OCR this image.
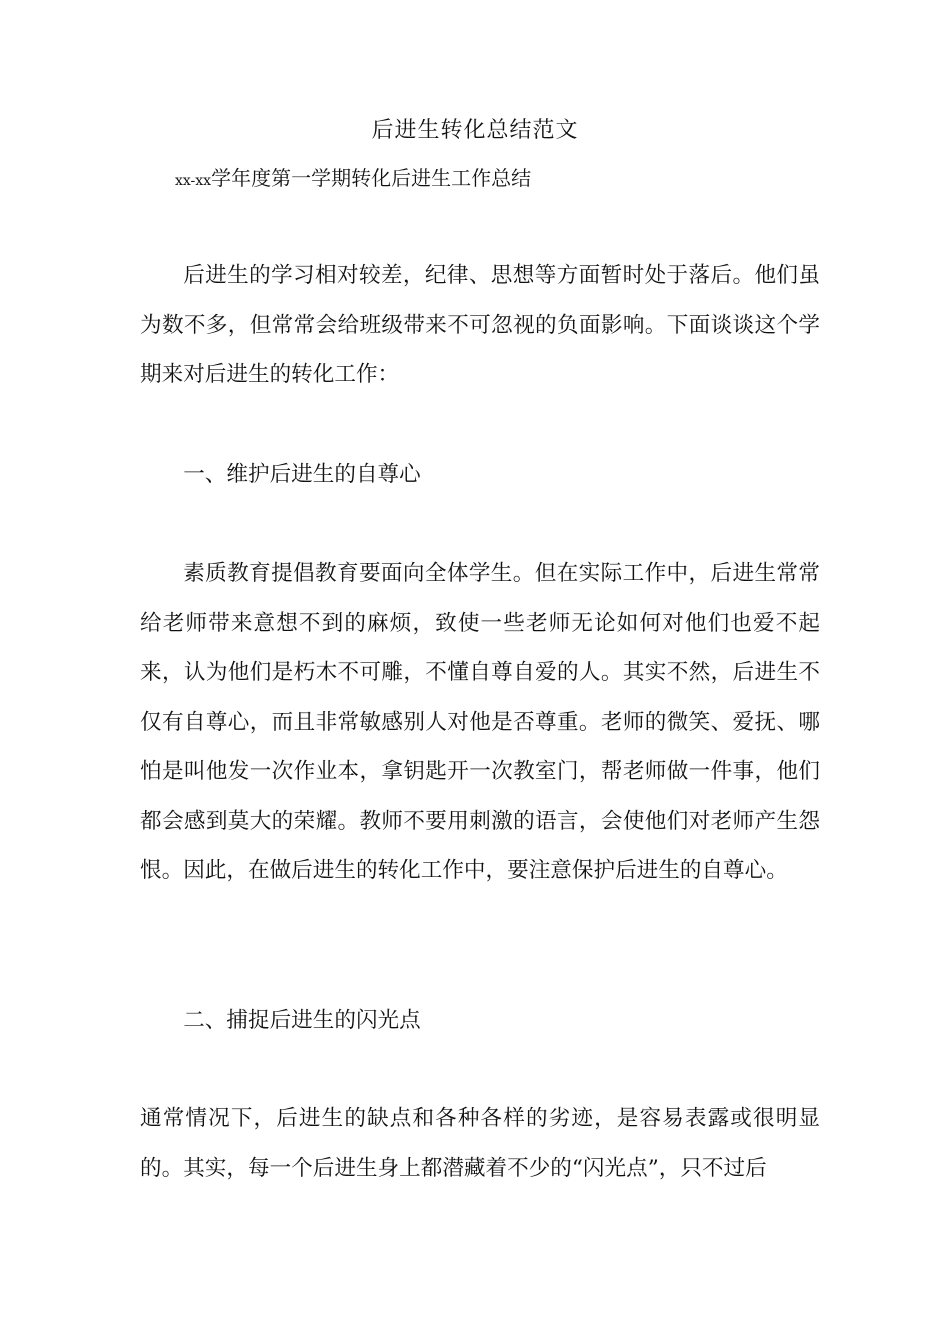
后进生转化总结范文

xx-xx学年度第一学期转化后进生工作总结

后进生的学习相对较差，纪律、思想等方面暂时处于落后。他们虽为数不多，但常常会给班级带来不可忽视的负面影响。下面谈谈这个学期来对后进生的转化工作：

一、维护后进生的自尊心

素质教育提倡教育要面向全体学生。但在实际工作中，后进生常常给老师带来意想不到的麻烦，致使一些老师无论如何对他们也爱不起来，认为他们是朽木不可雕，不懂自尊自爱的人。其实不然，后进生不仅有自尊心，而且非常敏感别人对他是否尊重。老师的微笑、爱抚、哪怕是叫他发一次作业本，拿钥匙开一次教室门，帮老师做一件事，他们都会感到莫大的荣耀。教师不要用刺激的语言，会使他们对老师产生怨恨。因此，在做后进生的转化工作中，要注意保护后进生的自尊心。

二、捕捉后进生的闪光点

通常情况下，后进生的缺点和各种各样的劣迹，是容易表露或很明显的。其实，每一个后进生身上都潜藏着不少的“闪光点”，只不过后
